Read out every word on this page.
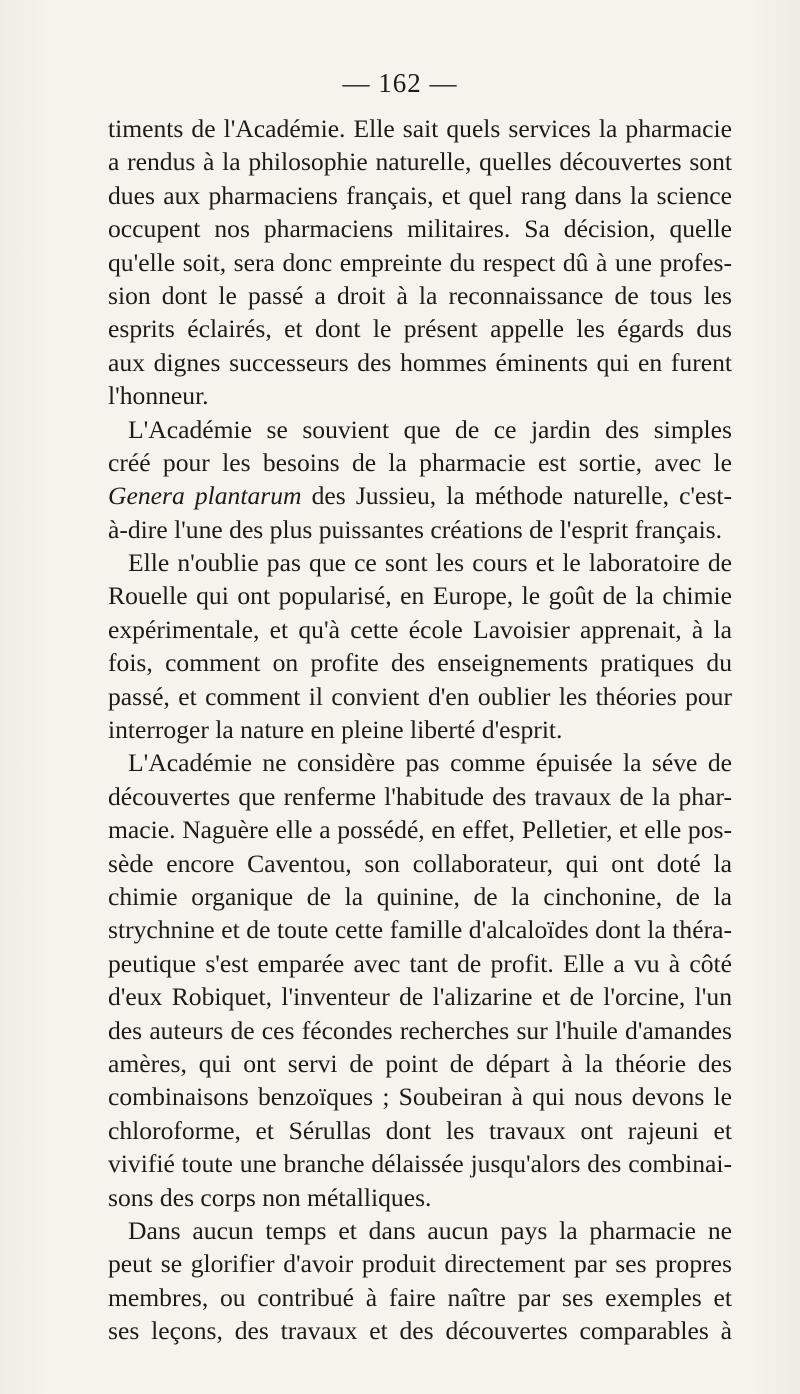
— 162 —
timents de l'Académie. Elle sait quels services la pharmacie
a rendus à la philosophie naturelle, quelles découvertes sont
dues aux pharmaciens français, et quel rang dans la science
occupent nos pharmaciens militaires. Sa décision, quelle
qu'elle soit, sera donc empreinte du respect dû à une profes-
sion dont le passé a droit à la reconnaissance de tous les
esprits éclairés, et dont le présent appelle les égards dus
aux dignes successeurs des hommes éminents qui en furent
l'honneur.
L'Académie se souvient que de ce jardin des simples
créé pour les besoins de la pharmacie est sortie, avec le
Genera plantarum des Jussieu, la méthode naturelle, c'est-
à-dire l'une des plus puissantes créations de l'esprit français.
Elle n'oublie pas que ce sont les cours et le laboratoire de
Rouelle qui ont popularisé, en Europe, le goût de la chimie
expérimentale, et qu'à cette école Lavoisier apprenait, à la
fois, comment on profite des enseignements pratiques du
passé, et comment il convient d'en oublier les théories pour
interroger la nature en pleine liberté d'esprit.
L'Académie ne considère pas comme épuisée la séve de
découvertes que renferme l'habitude des travaux de la phar-
macie. Naguère elle a possédé, en effet, Pelletier, et elle pos-
sède encore Caventou, son collaborateur, qui ont doté la
chimie organique de la quinine, de la cinchonine, de la
strychnine et de toute cette famille d'alcaloïdes dont la théra-
peutique s'est emparée avec tant de profit. Elle a vu à côté
d'eux Robiquet, l'inventeur de l'alizarine et de l'orcine, l'un
des auteurs de ces fécondes recherches sur l'huile d'amandes
amères, qui ont servi de point de départ à la théorie des
combinaisons benzoïques ; Soubeiran à qui nous devons le
chloroforme, et Sérullas dont les travaux ont rajeuni et
vivifié toute une branche délaissée jusqu'alors des combinai-
sons des corps non métalliques.
Dans aucun temps et dans aucun pays la pharmacie ne
peut se glorifier d'avoir produit directement par ses propres
membres, ou contribué à faire naître par ses exemples et
ses leçons, des travaux et des découvertes comparables à
